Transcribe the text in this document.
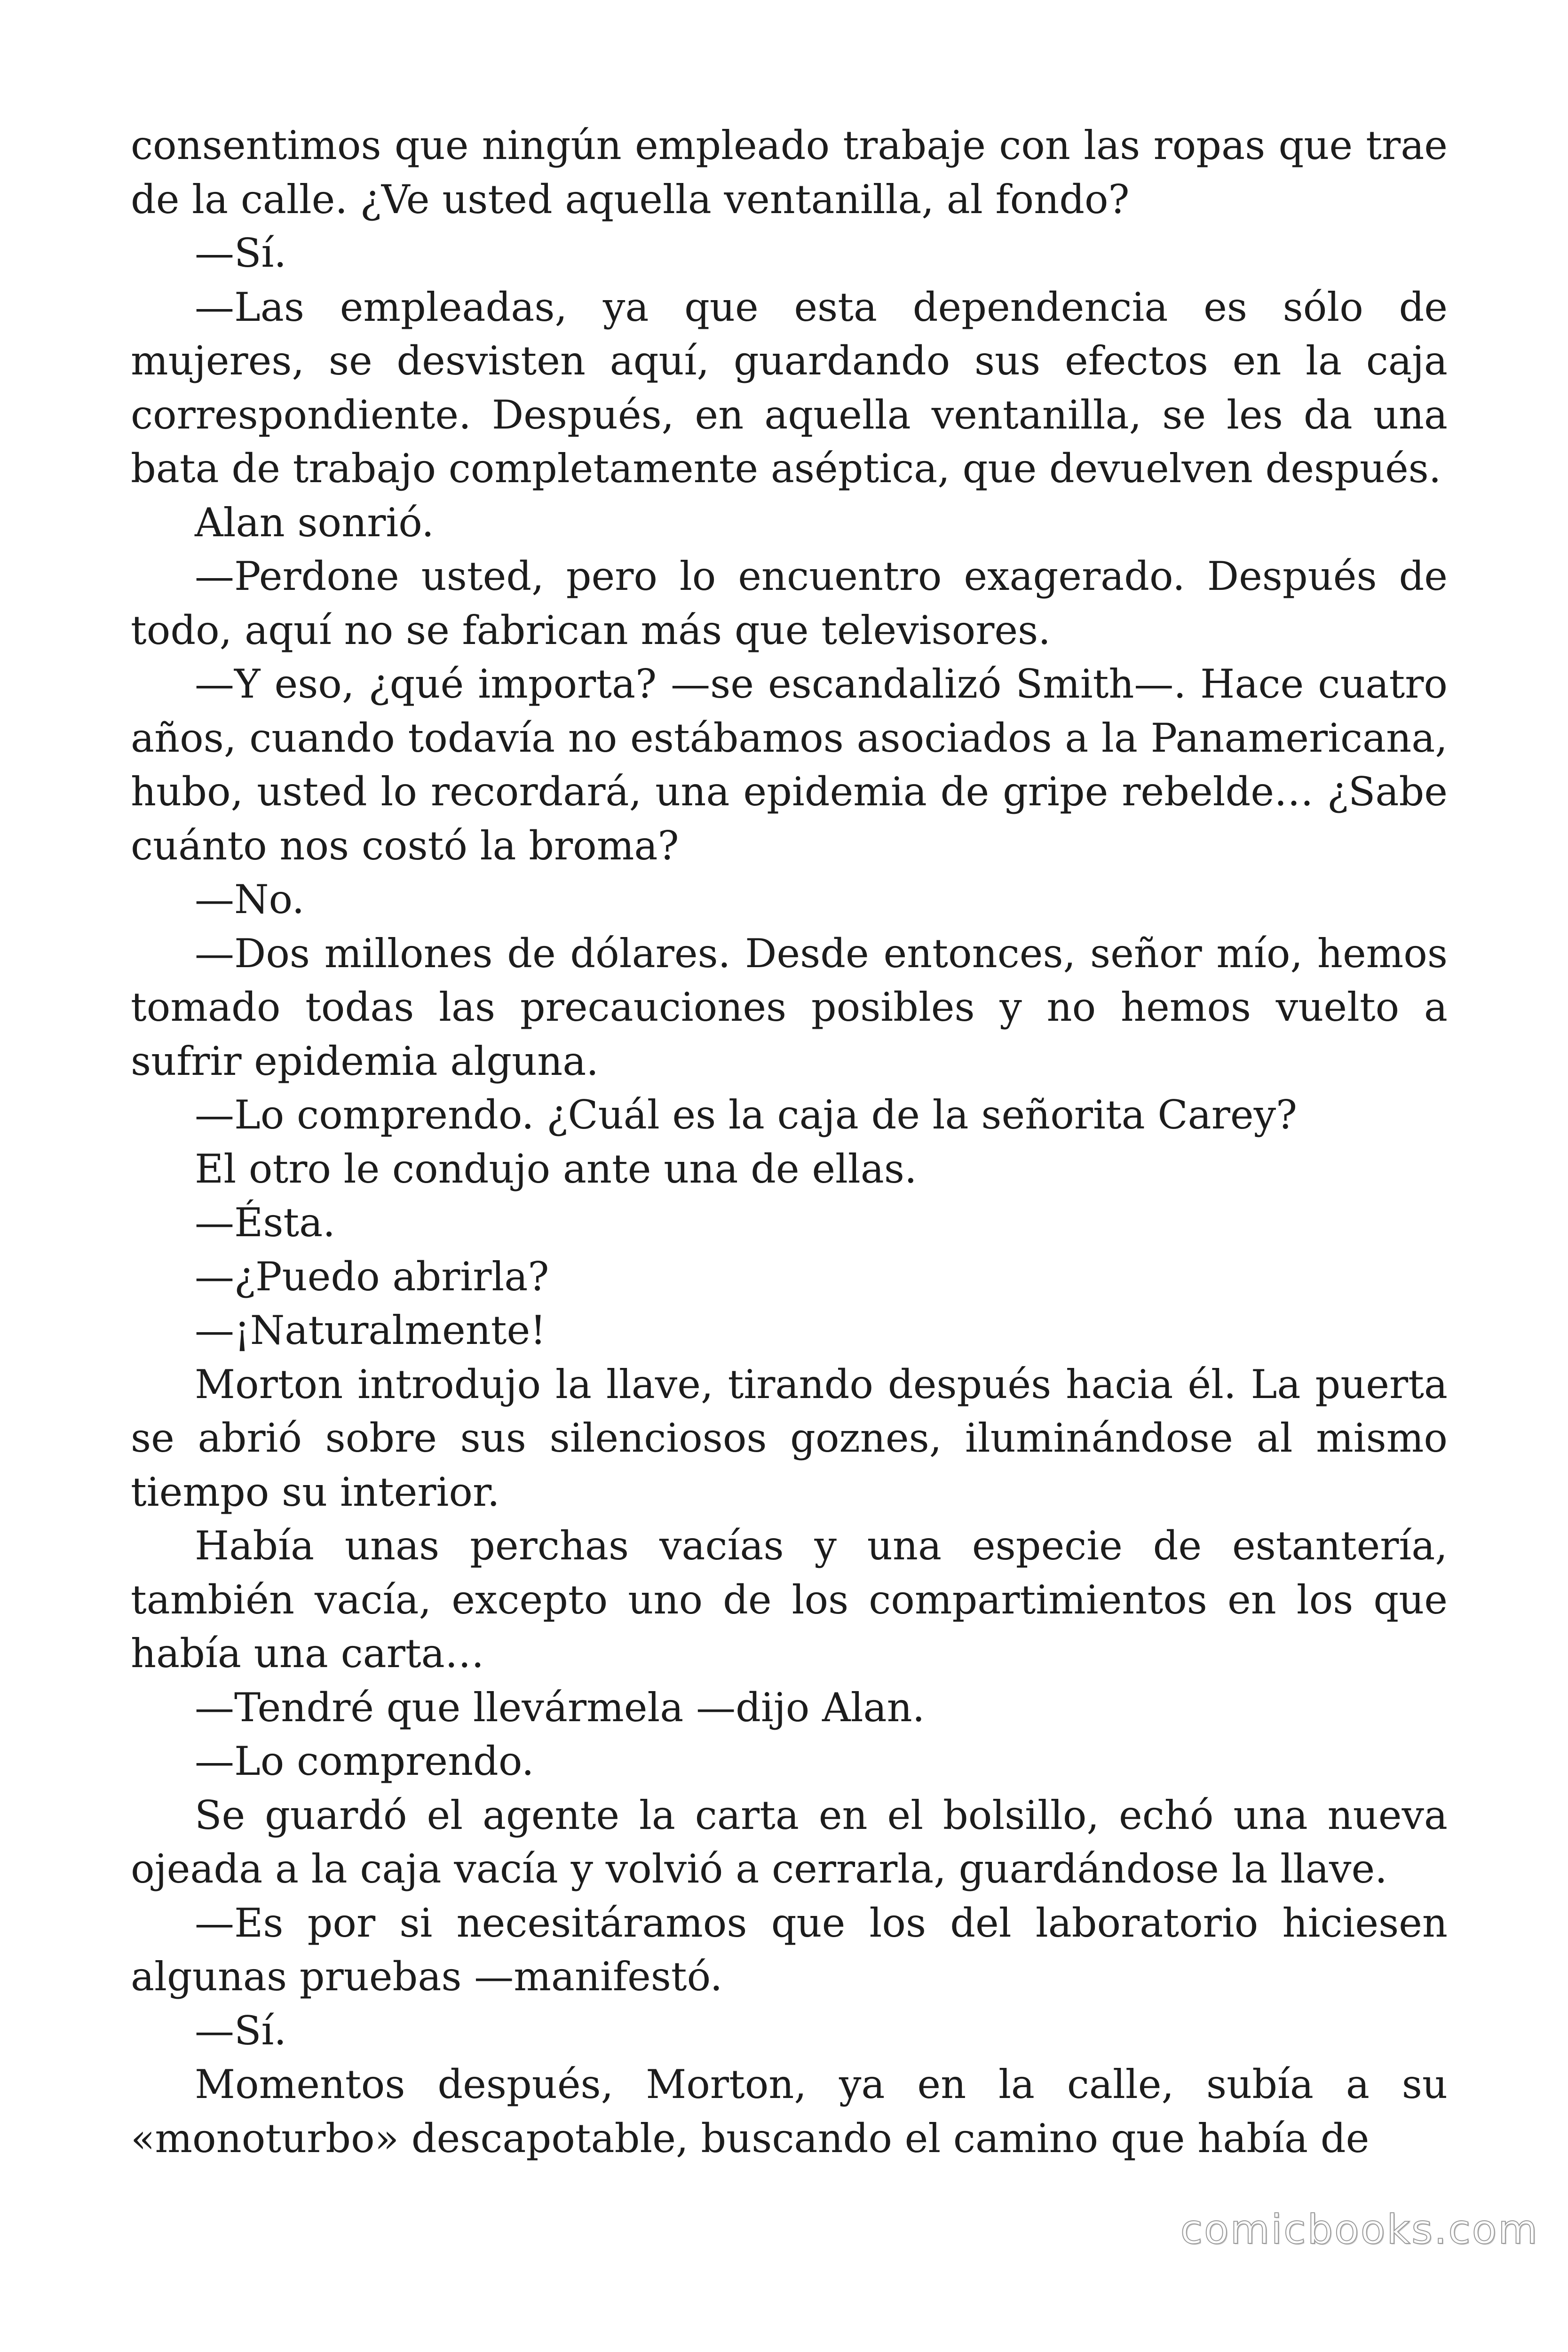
consentimos que ningún empleado trabaje con las ropas que trae de la calle. ¿Ve usted aquella ventanilla, al fondo?

—Sí.

—Las empleadas, ya que esta dependencia es sólo de mujeres, se desvisten aquí, guardando sus efectos en la caja correspondiente. Después, en aquella ventanilla, se les da una bata de trabajo completamente aséptica, que devuelven después.

Alan sonrió.

—Perdone usted, pero lo encuentro exagerado. Después de todo, aquí no se fabrican más que televisores.

—Y eso, ¿qué importa? —se escandalizó Smith—. Hace cuatro años, cuando todavía no estábamos asociados a la Panamericana, hubo, usted lo recordará, una epidemia de gripe rebelde… ¿Sabe cuánto nos costó la broma?

—No.

—Dos millones de dólares. Desde entonces, señor mío, hemos tomado todas las precauciones posibles y no hemos vuelto a sufrir epidemia alguna.

—Lo comprendo. ¿Cuál es la caja de la señorita Carey?

El otro le condujo ante una de ellas.

—Ésta.

—¿Puedo abrirla?

—¡Naturalmente!

Morton introdujo la llave, tirando después hacia él. La puerta se abrió sobre sus silenciosos goznes, iluminándose al mismo tiempo su interior.

Había unas perchas vacías y una especie de estantería, también vacía, excepto uno de los compartimientos en los que había una carta…

—Tendré que llevármela —dijo Alan.

—Lo comprendo.

Se guardó el agente la carta en el bolsillo, echó una nueva ojeada a la caja vacía y volvió a cerrarla, guardándose la llave.

—Es por si necesitáramos que los del laboratorio hiciesen algunas pruebas —manifestó.

—Sí.

Momentos después, Morton, ya en la calle, subía a su «monoturbo» descapotable, buscando el camino que había de

comicbooks.com
